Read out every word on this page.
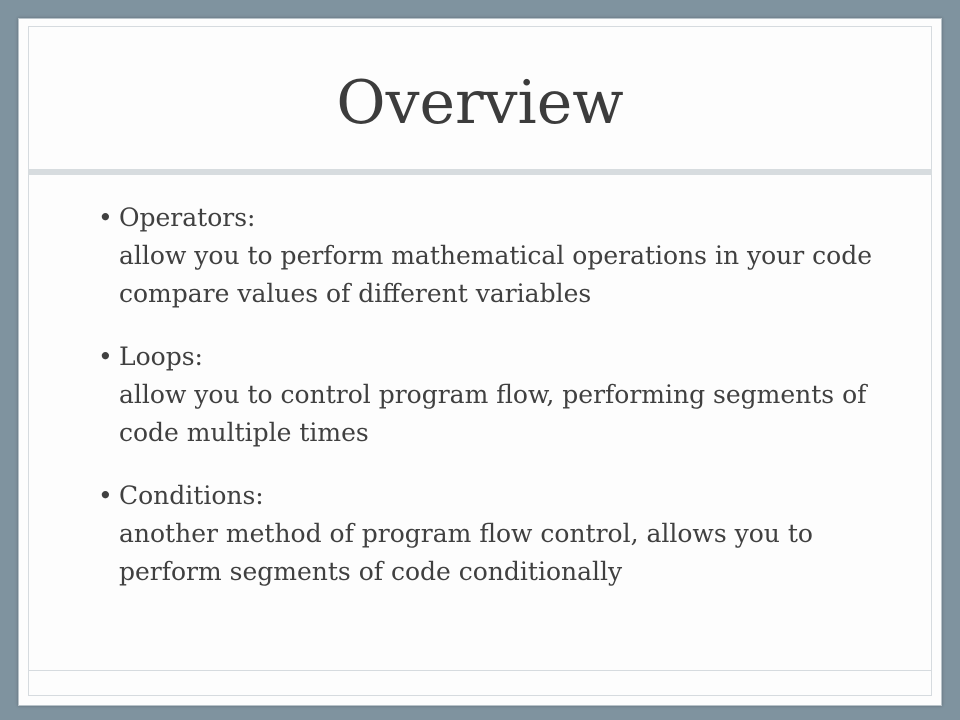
Overview
• Operators:
allow you to perform mathematical operations in your code
compare values of different variables
• Loops:
allow you to control program flow, performing segments of code multiple times
• Conditions:
another method of program flow control, allows you to perform segments of code conditionally
